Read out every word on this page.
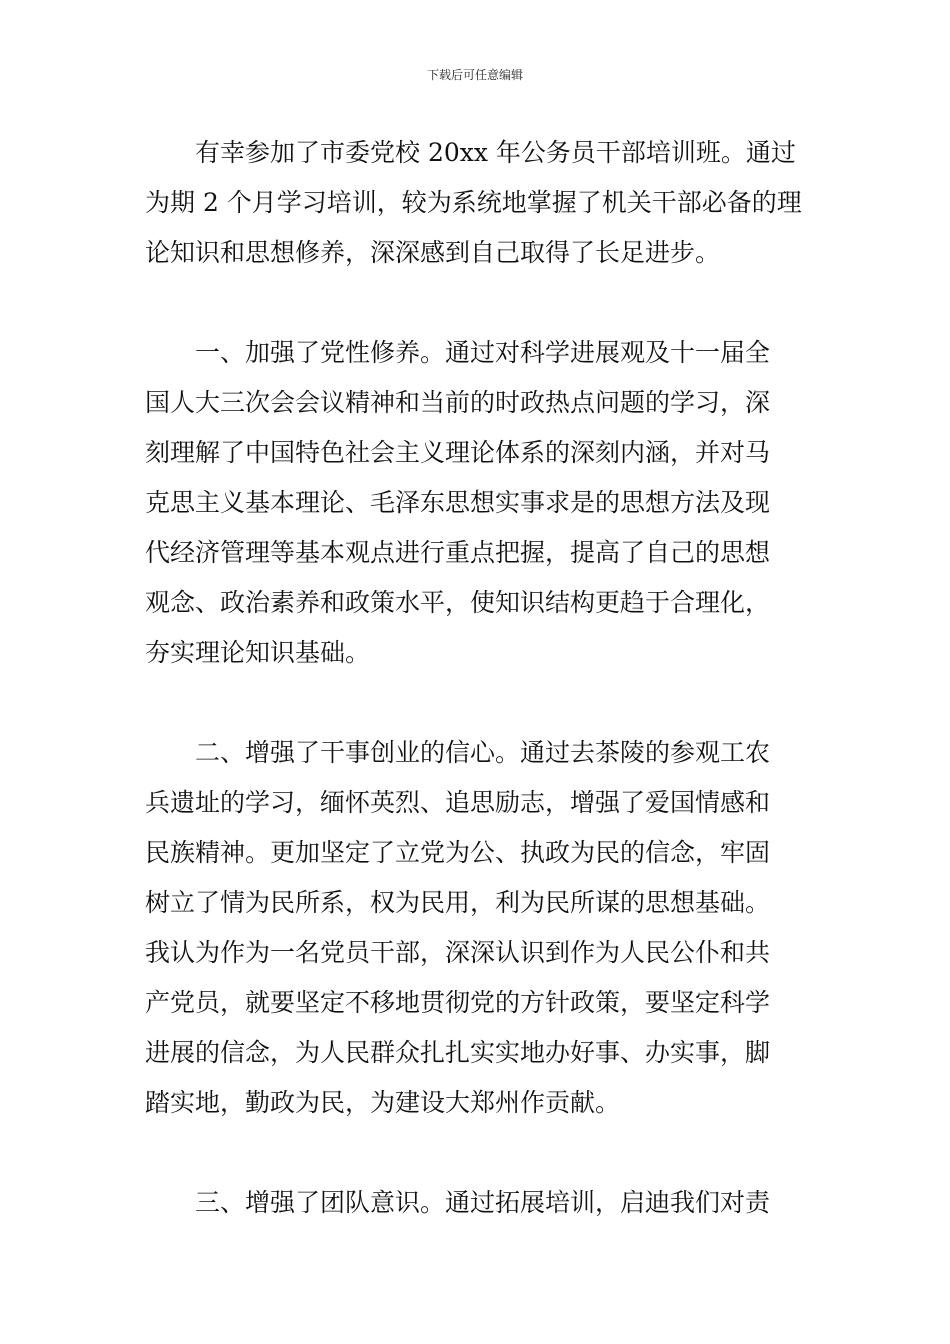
下载后可任意编辑
有幸参加了市委党校 20xx 年公务员干部培训班。通过
为期 2 个月学习培训，较为系统地掌握了机关干部必备的理
论知识和思想修养，深深感到自己取得了长足进步。
一、加强了党性修养。通过对科学进展观及十一届全
国人大三次会会议精神和当前的时政热点问题的学习，深
刻理解了中国特色社会主义理论体系的深刻内涵，并对马
克思主义基本理论、毛泽东思想实事求是的思想方法及现
代经济管理等基本观点进行重点把握，提高了自己的思想
观念、政治素养和政策水平，使知识结构更趋于合理化，
夯实理论知识基础。
二、增强了干事创业的信心。通过去茶陵的参观工农
兵遗址的学习，缅怀英烈、追思励志，增强了爱国情感和
民族精神。更加坚定了立党为公、执政为民的信念，牢固
树立了情为民所系，权为民用，利为民所谋的思想基础。
我认为作为一名党员干部，深深认识到作为人民公仆和共
产党员，就要坚定不移地贯彻党的方针政策，要坚定科学
进展的信念，为人民群众扎扎实实地办好事、办实事，脚
踏实地，勤政为民，为建设大郑州作贡献。
三、增强了团队意识。通过拓展培训，启迪我们对责
